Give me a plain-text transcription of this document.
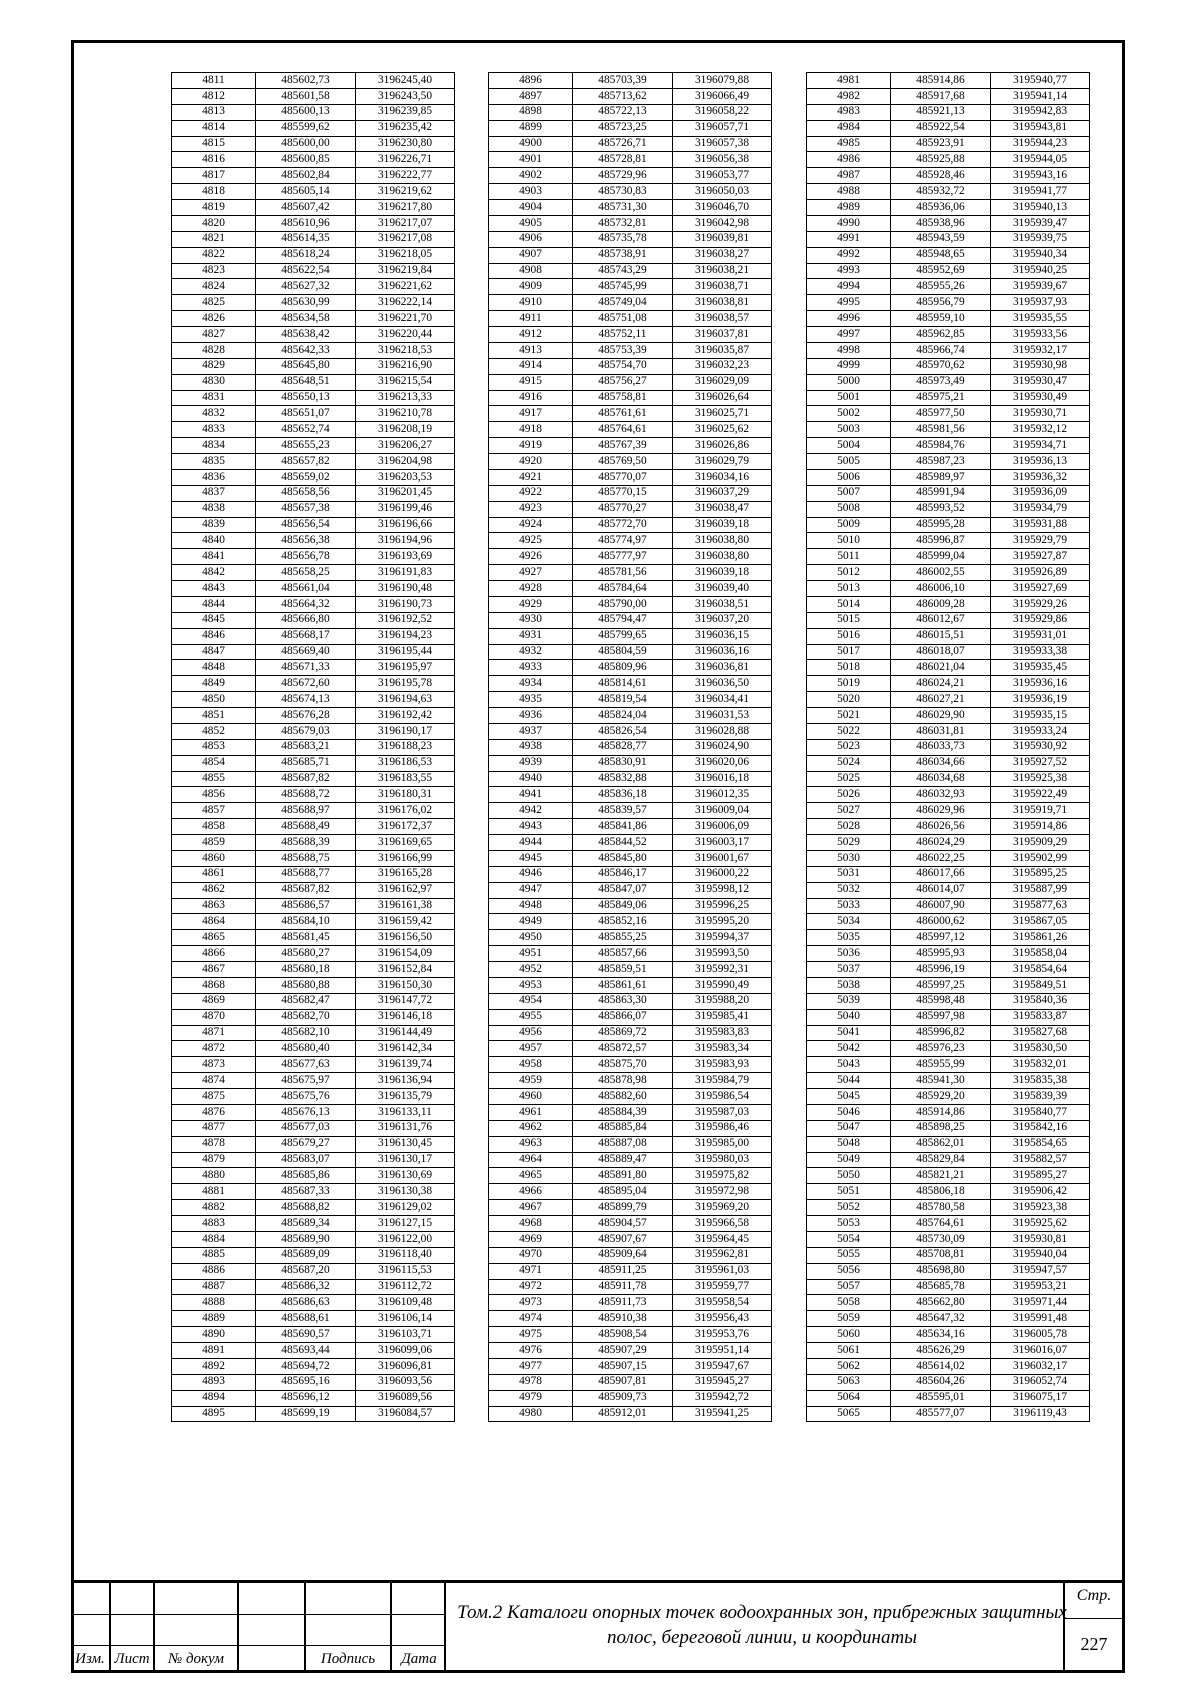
4811	485602,73	3196245,40
4812	485601,58	3196243,50
4813	485600,13	3196239,85
4814	485599,62	3196235,42
4815	485600,00	3196230,80
4816	485600,85	3196226,71
4817	485602,84	3196222,77
4818	485605,14	3196219,62
4819	485607,42	3196217,80
4820	485610,96	3196217,07
4821	485614,35	3196217,08
4822	485618,24	3196218,05
4823	485622,54	3196219,84
4824	485627,32	3196221,62
4825	485630,99	3196222,14
4826	485634,58	3196221,70
4827	485638,42	3196220,44
4828	485642,33	3196218,53
4829	485645,80	3196216,90
4830	485648,51	3196215,54
4831	485650,13	3196213,33
4832	485651,07	3196210,78
4833	485652,74	3196208,19
4834	485655,23	3196206,27
4835	485657,82	3196204,98
4836	485659,02	3196203,53
4837	485658,56	3196201,45
4838	485657,38	3196199,46
4839	485656,54	3196196,66
4840	485656,38	3196194,96
4841	485656,78	3196193,69
4842	485658,25	3196191,83
4843	485661,04	3196190,48
4844	485664,32	3196190,73
4845	485666,80	3196192,52
4846	485668,17	3196194,23
4847	485669,40	3196195,44
4848	485671,33	3196195,97
4849	485672,60	3196195,78
4850	485674,13	3196194,63
4851	485676,28	3196192,42
4852	485679,03	3196190,17
4853	485683,21	3196188,23
4854	485685,71	3196186,53
4855	485687,82	3196183,55
4856	485688,72	3196180,31
4857	485688,97	3196176,02
4858	485688,49	3196172,37
4859	485688,39	3196169,65
4860	485688,75	3196166,99
4861	485688,77	3196165,28
4862	485687,82	3196162,97
4863	485686,57	3196161,38
4864	485684,10	3196159,42
4865	485681,45	3196156,50
4866	485680,27	3196154,09
4867	485680,18	3196152,84
4868	485680,88	3196150,30
4869	485682,47	3196147,72
4870	485682,70	3196146,18
4871	485682,10	3196144,49
4872	485680,40	3196142,34
4873	485677,63	3196139,74
4874	485675,97	3196136,94
4875	485675,76	3196135,79
4876	485676,13	3196133,11
4877	485677,03	3196131,76
4878	485679,27	3196130,45
4879	485683,07	3196130,17
4880	485685,86	3196130,69
4881	485687,33	3196130,38
4882	485688,82	3196129,02
4883	485689,34	3196127,15
4884	485689,90	3196122,00
4885	485689,09	3196118,40
4886	485687,20	3196115,53
4887	485686,32	3196112,72
4888	485686,63	3196109,48
4889	485688,61	3196106,14
4890	485690,57	3196103,71
4891	485693,44	3196099,06
4892	485694,72	3196096,81
4893	485695,16	3196093,56
4894	485696,12	3196089,56
4895	485699,19	3196084,57
4896	485703,39	3196079,88
4897	485713,62	3196066,49
4898	485722,13	3196058,22
4899	485723,25	3196057,71
4900	485726,71	3196057,38
4901	485728,81	3196056,38
4902	485729,96	3196053,77
4903	485730,83	3196050,03
4904	485731,30	3196046,70
4905	485732,81	3196042,98
4906	485735,78	3196039,81
4907	485738,91	3196038,27
4908	485743,29	3196038,21
4909	485745,99	3196038,71
4910	485749,04	3196038,81
4911	485751,08	3196038,57
4912	485752,11	3196037,81
4913	485753,39	3196035,87
4914	485754,70	3196032,23
4915	485756,27	3196029,09
4916	485758,81	3196026,64
4917	485761,61	3196025,71
4918	485764,61	3196025,62
4919	485767,39	3196026,86
4920	485769,50	3196029,79
4921	485770,07	3196034,16
4922	485770,15	3196037,29
4923	485770,27	3196038,47
4924	485772,70	3196039,18
4925	485774,97	3196038,80
4926	485777,97	3196038,80
4927	485781,56	3196039,18
4928	485784,64	3196039,40
4929	485790,00	3196038,51
4930	485794,47	3196037,20
4931	485799,65	3196036,15
4932	485804,59	3196036,16
4933	485809,96	3196036,81
4934	485814,61	3196036,50
4935	485819,54	3196034,41
4936	485824,04	3196031,53
4937	485826,54	3196028,88
4938	485828,77	3196024,90
4939	485830,91	3196020,06
4940	485832,88	3196016,18
4941	485836,18	3196012,35
4942	485839,57	3196009,04
4943	485841,86	3196006,09
4944	485844,52	3196003,17
4945	485845,80	3196001,67
4946	485846,17	3196000,22
4947	485847,07	3195998,12
4948	485849,06	3195996,25
4949	485852,16	3195995,20
4950	485855,25	3195994,37
4951	485857,66	3195993,50
4952	485859,51	3195992,31
4953	485861,61	3195990,49
4954	485863,30	3195988,20
4955	485866,07	3195985,41
4956	485869,72	3195983,83
4957	485872,57	3195983,34
4958	485875,70	3195983,93
4959	485878,98	3195984,79
4960	485882,60	3195986,54
4961	485884,39	3195987,03
4962	485885,84	3195986,46
4963	485887,08	3195985,00
4964	485889,47	3195980,03
4965	485891,80	3195975,82
4966	485895,04	3195972,98
4967	485899,79	3195969,20
4968	485904,57	3195966,58
4969	485907,67	3195964,45
4970	485909,64	3195962,81
4971	485911,25	3195961,03
4972	485911,78	3195959,77
4973	485911,73	3195958,54
4974	485910,38	3195956,43
4975	485908,54	3195953,76
4976	485907,29	3195951,14
4977	485907,15	3195947,67
4978	485907,81	3195945,27
4979	485909,73	3195942,72
4980	485912,01	3195941,25
4981	485914,86	3195940,77
4982	485917,68	3195941,14
4983	485921,13	3195942,83
4984	485922,54	3195943,81
4985	485923,91	3195944,23
4986	485925,88	3195944,05
4987	485928,46	3195943,16
4988	485932,72	3195941,77
4989	485936,06	3195940,13
4990	485938,96	3195939,47
4991	485943,59	3195939,75
4992	485948,65	3195940,34
4993	485952,69	3195940,25
4994	485955,26	3195939,67
4995	485956,79	3195937,93
4996	485959,10	3195935,55
4997	485962,85	3195933,56
4998	485966,74	3195932,17
4999	485970,62	3195930,98
5000	485973,49	3195930,47
5001	485975,21	3195930,49
5002	485977,50	3195930,71
5003	485981,56	3195932,12
5004	485984,76	3195934,71
5005	485987,23	3195936,13
5006	485989,97	3195936,32
5007	485991,94	3195936,09
5008	485993,52	3195934,79
5009	485995,28	3195931,88
5010	485996,87	3195929,79
5011	485999,04	3195927,87
5012	486002,55	3195926,89
5013	486006,10	3195927,69
5014	486009,28	3195929,26
5015	486012,67	3195929,86
5016	486015,51	3195931,01
5017	486018,07	3195933,38
5018	486021,04	3195935,45
5019	486024,21	3195936,16
5020	486027,21	3195936,19
5021	486029,90	3195935,15
5022	486031,81	3195933,24
5023	486033,73	3195930,92
5024	486034,66	3195927,52
5025	486034,68	3195925,38
5026	486032,93	3195922,49
5027	486029,96	3195919,71
5028	486026,56	3195914,86
5029	486024,29	3195909,29
5030	486022,25	3195902,99
5031	486017,66	3195895,25
5032	486014,07	3195887,99
5033	486007,90	3195877,63
5034	486000,62	3195867,05
5035	485997,12	3195861,26
5036	485995,93	3195858,04
5037	485996,19	3195854,64
5038	485997,25	3195849,51
5039	485998,48	3195840,36
5040	485997,98	3195833,87
5041	485996,82	3195827,68
5042	485976,23	3195830,50
5043	485955,99	3195832,01
5044	485941,30	3195835,38
5045	485929,20	3195839,39
5046	485914,86	3195840,77
5047	485898,25	3195842,16
5048	485862,01	3195854,65
5049	485829,84	3195882,57
5050	485821,21	3195895,27
5051	485806,18	3195906,42
5052	485780,58	3195923,38
5053	485764,61	3195925,62
5054	485730,09	3195930,81
5055	485708,81	3195940,04
5056	485698,80	3195947,57
5057	485685,78	3195953,21
5058	485662,80	3195971,44
5059	485647,32	3195991,48
5060	485634,16	3196005,78
5061	485626,29	3196016,07
5062	485614,02	3196032,17
5063	485604,26	3196052,74
5064	485595,01	3196075,17
5065	485577,07	3196119,43
Изм. Лист	№ докум	Подпись	Дата
Том.2 Каталоги опорных точек водоохранных зон, прибрежных защитных полос, береговой линии, и координаты
Стр.
227
